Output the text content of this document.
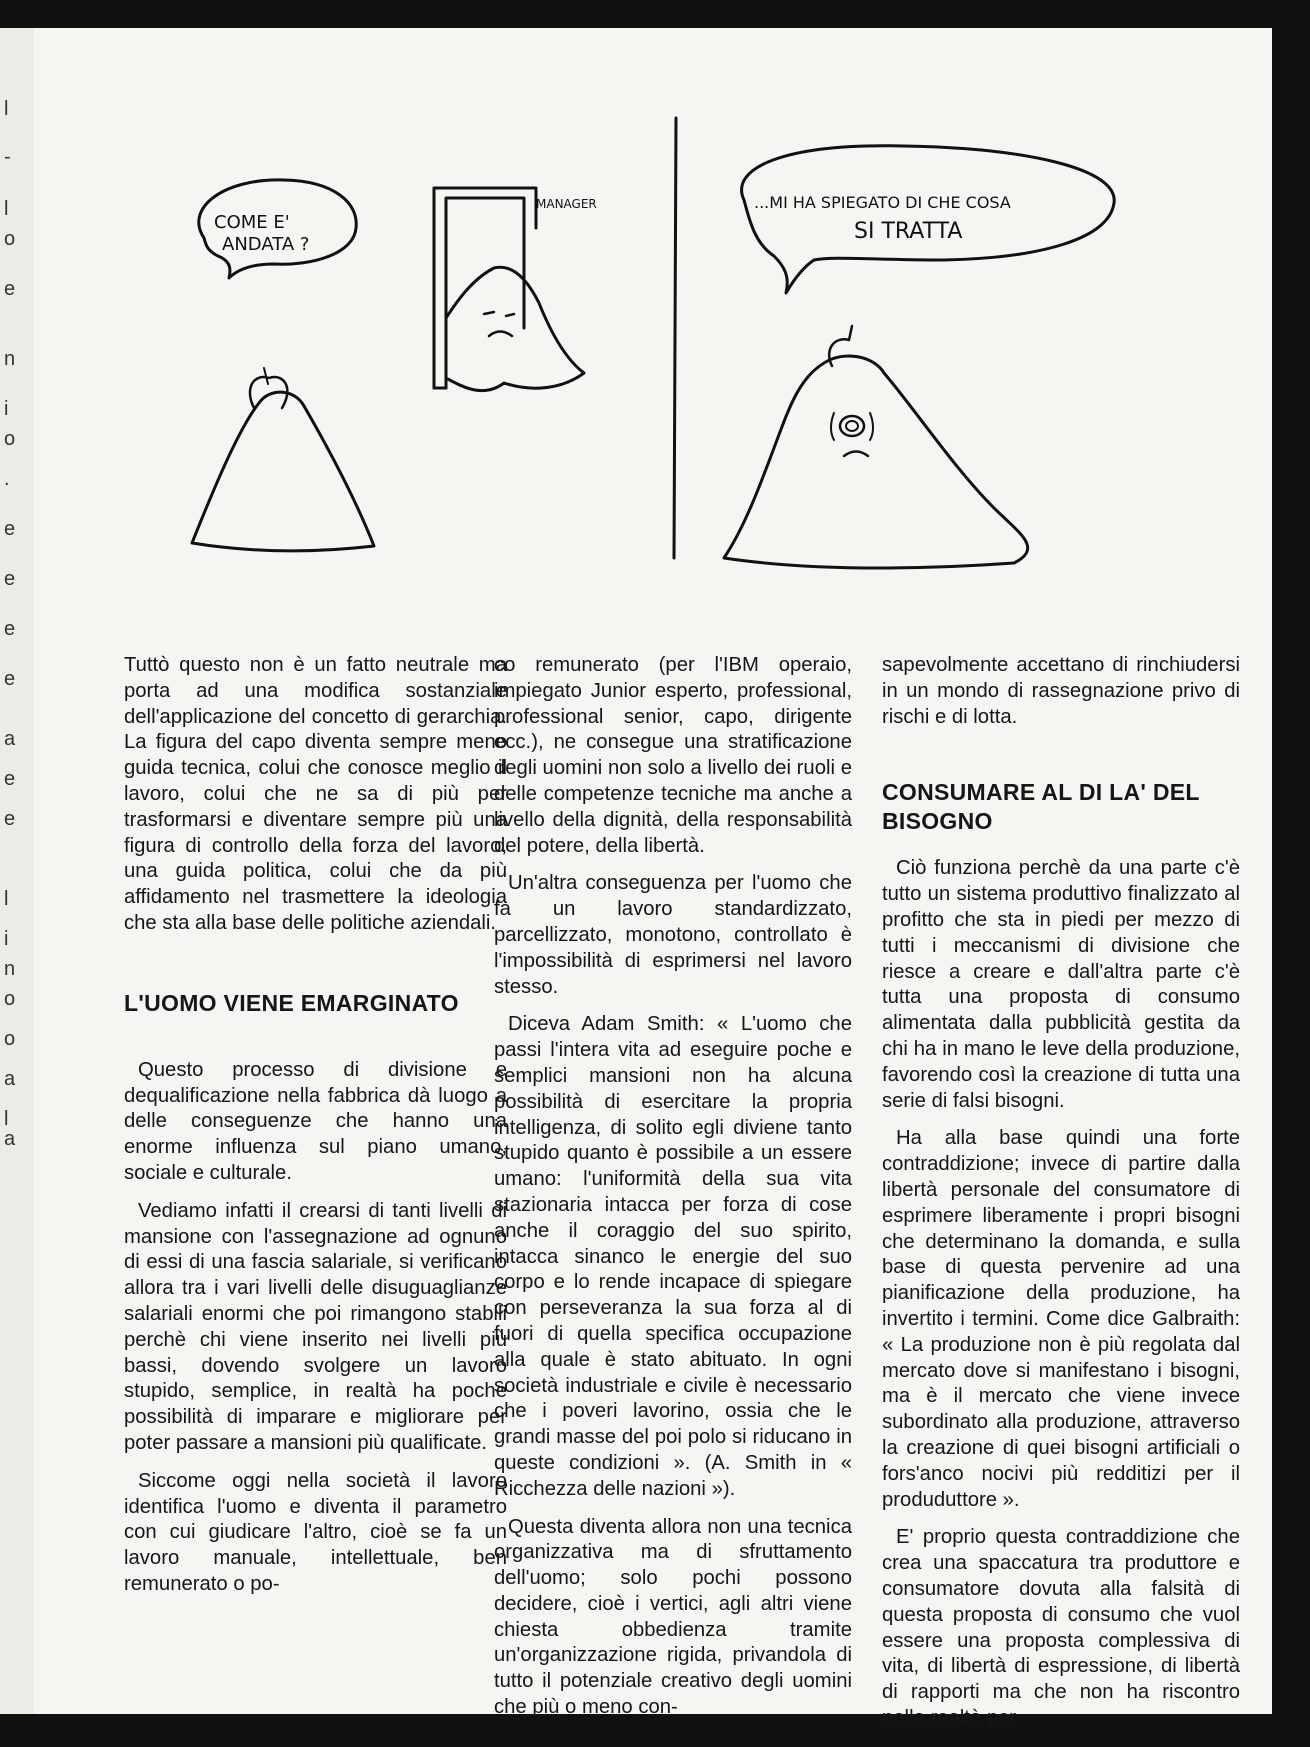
l
-
l
o
e
n
i
o
.
e
e
e
e
a
e
e
l
i
n
o
o
a
l
a
COME E' ANDATA ?
MANAGER	...MI HA SPIEGATO DI CHE COSA
SI TRATTA

Tuttò questo non è un fatto neutrale ma porta ad una modifica sostanziale dell'applicazione del concetto di gerarchia. La figura del capo diventa sempre meno guida tecnica, colui che conosce meglio il lavoro, colui che ne sa di più per trasformarsi e diventare sempre più una figura di controllo della forza del lavoro, una guida politica, colui che da più affidamento nel trasmettere la ideologia che sta alla base delle politiche aziendali.

L'UOMO VIENE EMARGINATO

Questo processo di divisione e dequalificazione nella fabbrica dà luogo a delle conseguenze che hanno una enorme influenza sul piano umano, sociale e culturale.

Vediamo infatti il crearsi di tanti livelli di mansione con l'assegnazione ad ognuno di essi di una fascia salariale, si verificano allora tra i vari livelli delle disuguaglianze salariali enormi che poi rimangono stabili perchè chi viene inserito nei livelli più bassi, dovendo svolgere un lavoro stupido, semplice, in realtà ha poche possibilità di imparare e migliorare per poter passare a mansioni più qualificate.

Siccome oggi nella società il lavoro identifica l'uomo e diventa il parametro con cui giudicare l'altro, cioè se fa un lavoro manuale, intellettuale, ben remunerato o po-

co remunerato (per l'IBM operaio, impiegato Junior esperto, professional, professional senior, capo, dirigente ecc.), ne consegue una stratificazione degli uomini non solo a livello dei ruoli e delle competenze tecniche ma anche a livello della dignità, della responsabilità del potere, della libertà.

Un'altra conseguenza per l'uomo che fa un lavoro standardizzato, parcellizzato, monotono, controllato è l'impossibilità di esprimersi nel lavoro stesso.

Diceva Adam Smith: « L'uomo che passi l'intera vita ad eseguire poche e semplici mansioni non ha alcuna possibilità di esercitare la propria intelligenza, di solito egli diviene tanto stupido quanto è possibile a un essere umano: l'uniformità della sua vita stazionaria intacca per forza di cose anche il coraggio del suo spirito, intacca sinanco le energie del suo corpo e lo rende incapace di spiegare con perseveranza la sua forza al di fuori di quella specifica occupazione alla quale è stato abituato. In ogni società industriale e civile è necessario che i poveri lavorino, ossia che le grandi masse del poi polo si riducano in queste condizioni ». (A. Smith in « Ricchezza delle nazioni »).

Questa diventa allora non una tecnica organizzativa ma di sfruttamento dell'uomo; solo pochi possono decidere, cioè i vertici, agli altri viene chiesta obbedienza tramite un'organizzazione rigida, privandola di tutto il potenziale creativo degli uomini che più o meno con-

sapevolmente accettano di rinchiudersi in un mondo di rassegnazione privo di rischi e di lotta.

CONSUMARE AL DI LA' DEL BISOGNO

Ciò funziona perchè da una parte c'è tutto un sistema produttivo finalizzato al profitto che sta in piedi per mezzo di tutti i meccanismi di divisione che riesce a creare e dall'altra parte c'è tutta una proposta di consumo alimentata dalla pubblicità gestita da chi ha in mano le leve della produzione, favorendo così la creazione di tutta una serie di falsi bisogni.

Ha alla base quindi una forte contraddizione; invece di partire dalla libertà personale del consumatore di esprimere liberamente i propri bisogni che determinano la domanda, e sulla base di questa pervenire ad una pianificazione della produzione, ha invertito i termini. Come dice Galbraith: « La produzione non è più regolata dal mercato dove si manifestano i bisogni, ma è il mercato che viene invece subordinato alla produzione, attraverso la creazione di quei bisogni artificiali o fors'anco nocivi più redditizi per il produduttore ».

E' proprio questa contraddizione che crea una spaccatura tra produttore e consumatore dovuta alla falsità di questa proposta di consumo che vuol essere una proposta complessiva di vita, di libertà di espressione, di libertà di rapporti ma che non ha riscontro nella realtà per
